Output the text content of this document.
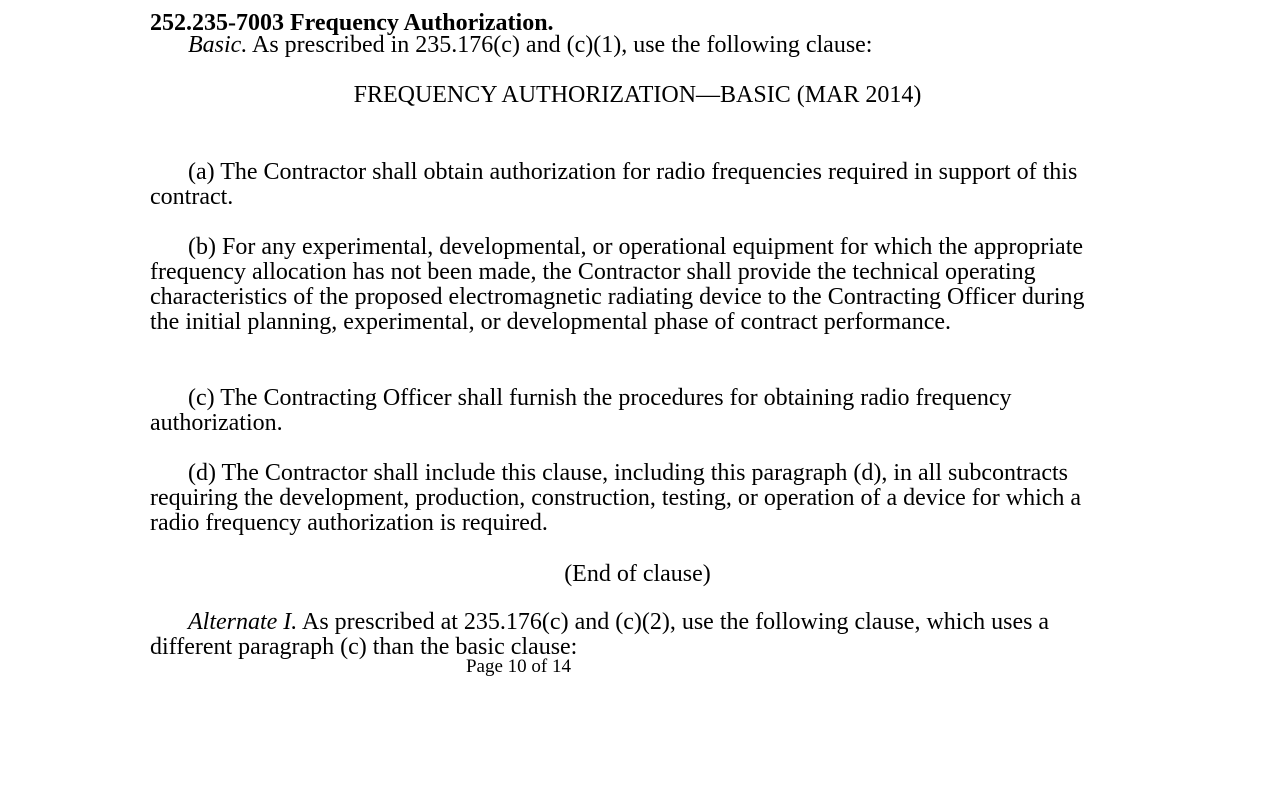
252.235-7003 Frequency Authorization.

Basic. As prescribed in 235.176(c) and (c)(1), use the following clause:

FREQUENCY AUTHORIZATION—BASIC (MAR 2014)

(a) The Contractor shall obtain authorization for radio frequencies required in support of this contract.

(b) For any experimental, developmental, or operational equipment for which the appropriate frequency allocation has not been made, the Contractor shall provide the technical operating characteristics of the proposed electromagnetic radiating device to the Contracting Officer during the initial planning, experimental, or developmental phase of contract performance.

(c) The Contracting Officer shall furnish the procedures for obtaining radio frequency authorization.

(d) The Contractor shall include this clause, including this paragraph (d), in all subcontracts requiring the development, production, construction, testing, or operation of a device for which a radio frequency authorization is required.

(End of clause)

Alternate I. As prescribed at 235.176(c) and (c)(2), use the following clause, which uses a different paragraph (c) than the basic clause:

Page 10 of 14
